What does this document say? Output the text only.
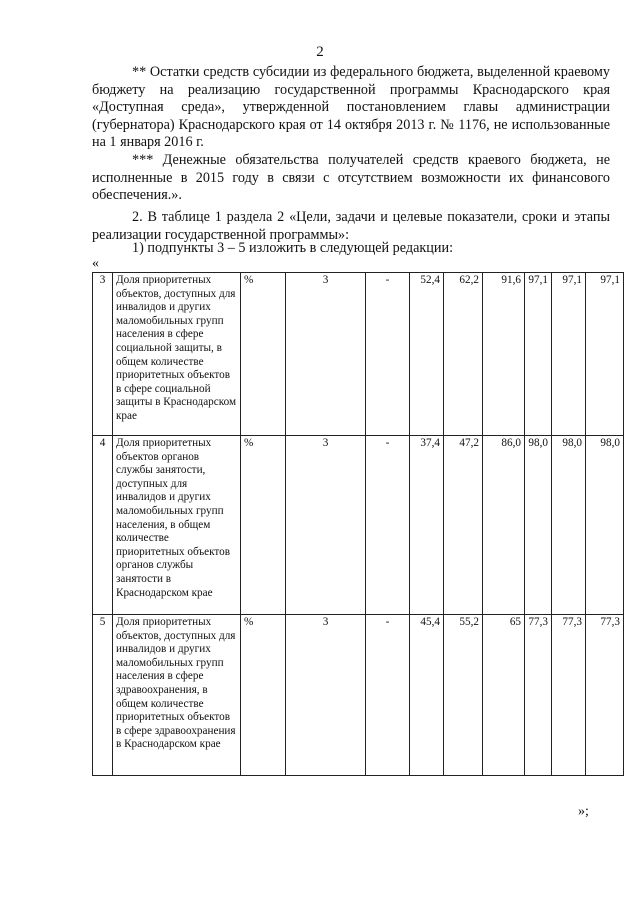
2

** Остатки средств субсидии из федерального бюджета, выделенной краевому бюджету на реализацию государственной программы Краснодарского края «Доступная среда», утвержденной постановлением главы администрации (губернатора) Краснодарского края от 14 октября 2013 г. № 1176, не использованные на 1 января 2016 г.

*** Денежные обязательства получателей средств краевого бюджета, не исполненные в 2015 году в связи с отсутствием возможности их финансового обеспечения.».

2. В таблице 1 раздела 2 «Цели, задачи и целевые показатели, сроки и этапы реализации государственной программы»:

1) подпункты 3 – 5 изложить в следующей редакции:

«
3	Доля приоритетных объектов, доступных для инвалидов и других маломобильных групп населения в сфере социальной защиты, в общем количестве приоритетных объектов в сфере социальной защиты в Краснодарском крае	%	3	-	52,4	62,2	91,6	97,1	97,1	97,1
4	Доля приоритетных объектов органов службы занятости, доступных для инвалидов и других маломобильных групп населения, в общем количестве приоритетных объектов органов службы занятости в Краснодарском крае	%	3	-	37,4	47,2	86,0	98,0	98,0	98,0
5	Доля приоритетных объектов, доступных для инвалидов и других маломобильных групп населения в сфере здравоохранения, в общем количестве приоритетных объектов в сфере здравоохранения в Краснодарском крае	%	3	-	45,4	55,2	65	77,3	77,3	77,3
»;
